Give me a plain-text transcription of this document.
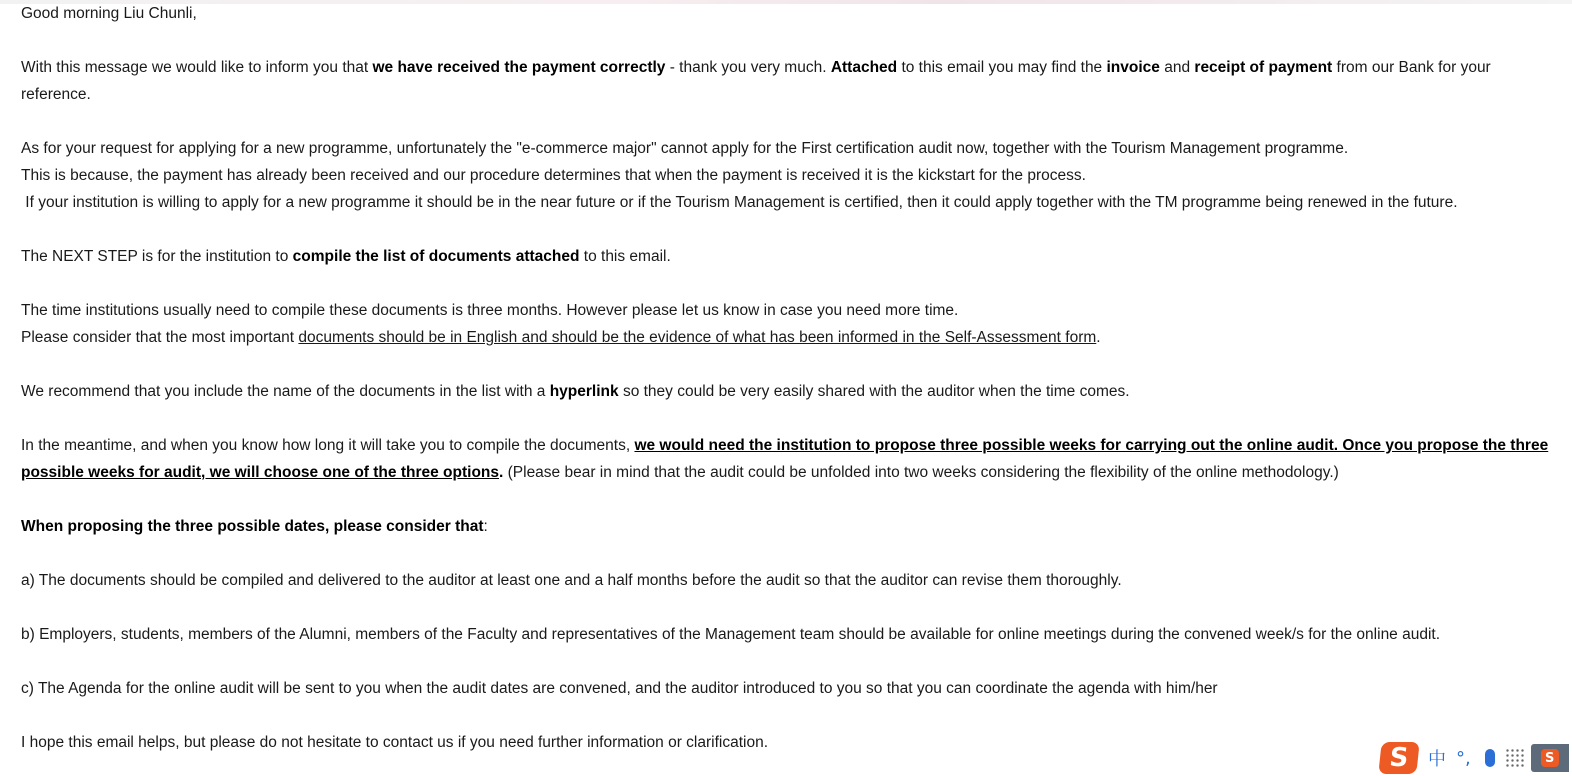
Good morning Liu Chunli,

With this message we would like to inform you that we have received the payment correctly - thank you very much. Attached to this email you may find the invoice and receipt of payment from our Bank for your reference.

As for your request for applying for a new programme, unfortunately the "e-commerce major" cannot apply for the First certification audit now, together with the Tourism Management programme.

This is because, the payment has already been received and our procedure determines that when the payment is received it is the kickstart for the process.

If your institution is willing to apply for a new programme it should be in the near future or if the Tourism Management is certified, then it could apply together with the TM programme being renewed in the future.

The NEXT STEP is for the institution to compile the list of documents attached to this email.

The time institutions usually need to compile these documents is three months. However please let us know in case you need more time.

Please consider that the most important documents should be in English and should be the evidence of what has been informed in the Self-Assessment form.

We recommend that you include the name of the documents in the list with a hyperlink so they could be very easily shared with the auditor when the time comes.

In the meantime, and when you know how long it will take you to compile the documents, we would need the institution to propose three possible weeks for carrying out the online audit. Once you propose the three possible weeks for audit, we will choose one of the three options. (Please bear in mind that the audit could be unfolded into two weeks considering the flexibility of the online methodology.)

When proposing the three possible dates, please consider that:

a) The documents should be compiled and delivered to the auditor at least one and a half months before the audit so that the auditor can revise them thoroughly.

b) Employers, students, members of the Alumni, members of the Faculty and representatives of the Management team should be available for online meetings during the convened week/s for the online audit.

c) The Agenda for the online audit will be sent to you when the audit dates are convened, and the auditor introduced to you so that you can coordinate the agenda with him/her

I hope this email helps, but please do not hesitate to contact us if you need further information or clarification.

S	中 °,	S
